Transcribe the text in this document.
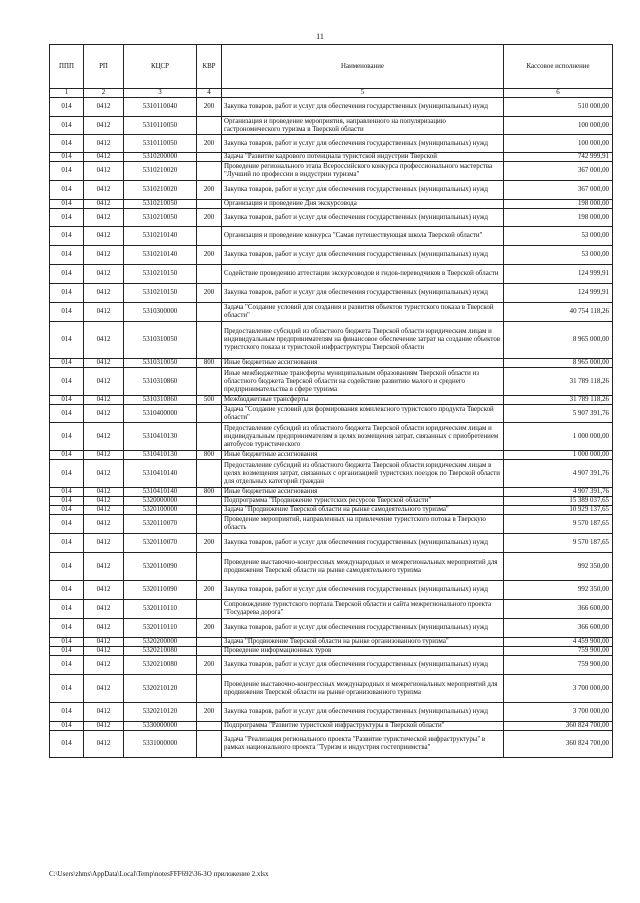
11
ППП	РП	КЦСР	КВР	Наименование	Кассовое исполнение
1	2	3	4	5	6
014	0412	5310110040	200	Закупка товаров, работ и услуг для обеспечения государственных (муниципальных) нужд	510 000,00
014	0412	5310110050		Организация и проведение мероприятия, направленного на популяризацию гастрономического туризма в Тверской области	100 000,00
014	0412	5310110050	200	Закупка товаров, работ и услуг для обеспечения государственных (муниципальных) нужд	100 000,00
014	0412	5310200000		Задача "Развитие кадрового потенциала туристской индустрии Тверской	742 999,91
014	0412	5310210020		Проведение регионального этапа Всероссийского конкурса профессионального мастерства "Лучший по профессии в индустрии туризма"	367 000,00
014	0412	5310210020	200	Закупка товаров, работ и услуг для обеспечения государственных (муниципальных) нужд	367 000,00
014	0412	5310210050		Организация и проведение Дня экскурсовода	198 000,00
014	0412	5310210050	200	Закупка товаров, работ и услуг для обеспечения государственных (муниципальных) нужд	198 000,00
014	0412	5310210140		Организация и проведение конкурса "Самая путешествующая школа Тверской области"	53 000,00
014	0412	5310210140	200	Закупка товаров, работ и услуг для обеспечения государственных (муниципальных) нужд	53 000,00
014	0412	5310210150		Содействие проведению аттестации экскурсоводов и гидов-переводчиков в Тверской области	124 999,91
014	0412	5310210150	200	Закупка товаров, работ и услуг для обеспечения государственных (муниципальных) нужд	124 999,91
014	0412	5310300000		Задача "Создание условий для создания и развития объектов туристского показа в Тверской области"	40 754 118,26
014	0412	5310310050		Предоставление субсидий из областного бюджета Тверской области юридическим лицам и индивидуальным предпринимателям на финансовое обеспечение затрат на создание объектов туристского показа и туристской инфраструктуры Тверской области	8 965 000,00
014	0412	5310310050	800	Иные бюджетные ассигнования	8 965 000,00
014	0412	5310310860		Иные межбюджетные трансферты муниципальным образованиям Тверской области из областного бюджета Тверской области на содействие развитию малого и среднего предпринимательства в сфере туризма	31 789 118,26
014	0412	5310310860	500	Межбюджетные трансферты	31 789 118,26
014	0412	5310400000		Задача "Создание условий для формирования комплексного туристского продукта Тверской области"	5 907 391,76
014	0412	5310410130		Предоставление субсидий из областного бюджета Тверской области юридическим лицам и индивидуальным предпринимателям в целях возмещения затрат, связанных с приобретением автобусов туристического	1 000 000,00
014	0412	5310410130	800	Иные бюджетные ассигнования	1 000 000,00
014	0412	5310410140		Предоставление субсидий из областного бюджета Тверской области юридическим лицам в целях возмещения затрат, связанных с организацией туристских поездок по Тверской области для отдельных категорий граждан	4 907 391,76
014	0412	5310410140	800	Иные бюджетные ассигнования	4 907 391,76
014	0412	5320000000		Подпрограмма "Продвижение туристских ресурсов Тверской области"	15 389 037,65
014	0412	5320100000		Задача "Продвижение Тверской области на рынке самодеятельного туризма"	10 929 137,65
014	0412	5320110070		Проведение мероприятий, направленных на привлечение туристского потока в Тверскую область	9 570 187,65
014	0412	5320110070	200	Закупка товаров, работ и услуг для обеспечения государственных (муниципальных) нужд	9 570 187,65
014	0412	5320110090		Проведение выставочно-конгрессных международных и межрегиональных мероприятий для продвижения Тверской области на рынке самодеятельного туризма	992 350,00
014	0412	5320110090	200	Закупка товаров, работ и услуг для обеспечения государственных (муниципальных) нужд	992 350,00
014	0412	5320110110		Сопровождение туристского портала Тверской области и сайта межрегионального проекта "Государева дорога"	366 600,00
014	0412	5320110110	200	Закупка товаров, работ и услуг для обеспечения государственных (муниципальных) нужд	366 600,00
014	0412	5320200000		Задача "Продвижение Тверской области на рынке организованного туризма"	4 459 900,00
014	0412	5320210080		Проведение информационных туров	759 900,00
014	0412	5320210080	200	Закупка товаров, работ и услуг для обеспечения государственных (муниципальных) нужд	759 900,00
014	0412	5320210120		Проведение выставочно-конгрессных международных и межрегиональных мероприятий для продвижения Тверской области на рынке организованного туризма	3 700 000,00
014	0412	5320210120	200	Закупка товаров, работ и услуг для обеспечения государственных (муниципальных) нужд	3 700 000,00
014	0412	5330000000		Подпрограмма "Развитие туристской инфраструктуры в Тверской области"	360 824 700,00
014	0412	5331000000		Задача "Реализация регионального проекта "Развитие туристической инфраструктуры" в рамках национального проекта "Туризм и индустрия гостеприимства"	360 824 700,00
C:\Users\zhms\AppData\Local\Temp\notesFFF692\36-ЗО приложение 2.xlsx
